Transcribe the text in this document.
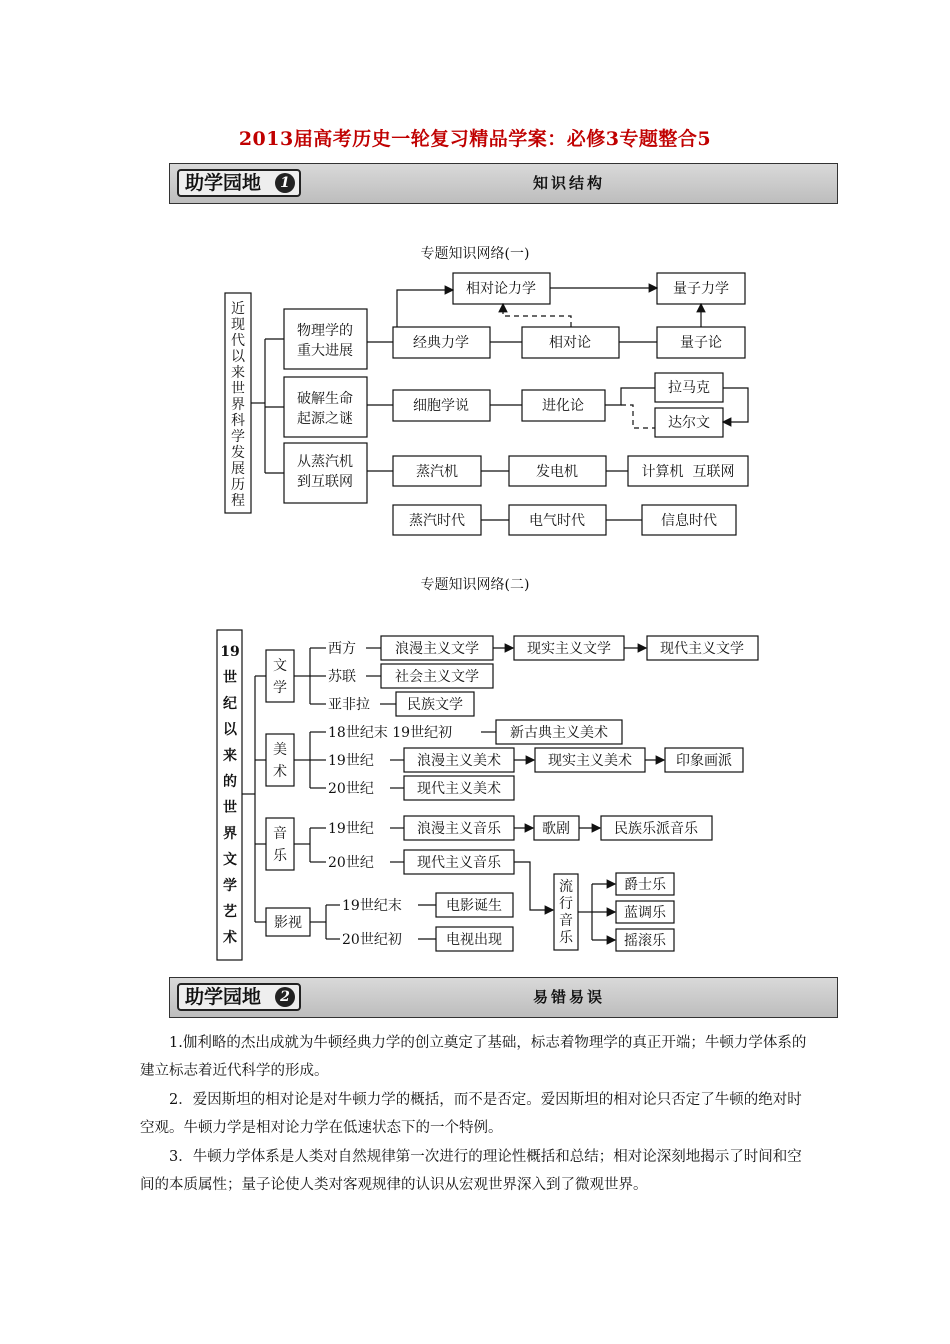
2013届高考历史一轮复习精品学案：必修3专题整合5
助学园地	1	知识结构
专题知识网络(一)
近
现
代
以
来
世
界
科
学
发
展
历
程
物理学的
重大进展
破解生命
起源之谜
从蒸汽机
到互联网
经典力学	相对论	量子论
相对论力学	量子力学
细胞学说	进化论
拉马克
达尔文
蒸汽机	发电机	计算机  互联网
蒸汽时代	电气时代	信息时代
专题知识网络(二)
19
世
纪
以
来
的
世
界
文
学
艺
术
文
学
美
术
音
乐
影视
西方	浪漫主义文学	现实主义文学	现代主义文学
苏联	社会主义文学
亚非拉	民族文学
18世纪末 19世纪初	新古典主义美术
19世纪	浪漫主义美术	现实主义美术	印象画派
20世纪	现代主义美术
19世纪	浪漫主义音乐	歌剧	民族乐派音乐
20世纪	现代主义音乐
流
行
音
乐
爵士乐
蓝调乐
摇滚乐
19世纪末	电影诞生
20世纪初	电视出现
助学园地	2	易错易误

1.伽利略的杰出成就为牛顿经典力学的创立奠定了基础，标志着物理学的真正开端；牛顿力学体系的建立标志着近代科学的形成。

2．爱因斯坦的相对论是对牛顿力学的概括，而不是否定。爱因斯坦的相对论只否定了牛顿的绝对时空观。牛顿力学是相对论力学在低速状态下的一个特例。

3．牛顿力学体系是人类对自然规律第一次进行的理论性概括和总结；相对论深刻地揭示了时间和空间的本质属性；量子论使人类对客观规律的认识从宏观世界深入到了微观世界。
